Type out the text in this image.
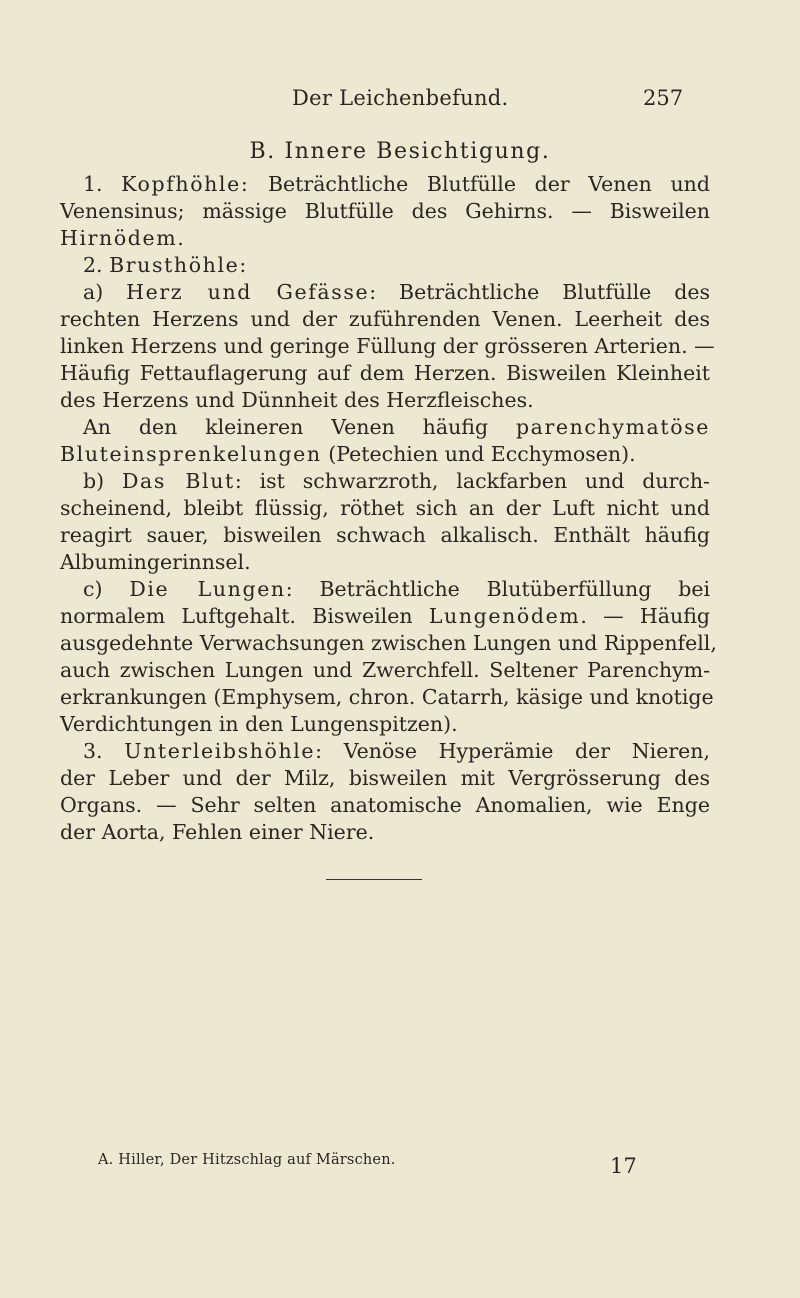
Der Leichenbefund.	257
B. Innere Besichtigung.
1. Kopfhöhle: Beträchtliche Blutfülle der Venen und
Venensinus; mässige Blutfülle des Gehirns. — Bisweilen
Hirnödem.
2. Brusthöhle:
a) Herz und Gefässe: Beträchtliche Blutfülle des
rechten Herzens und der zuführenden Venen. Leerheit des
linken Herzens und geringe Füllung der grösseren Arterien. —
Häufig Fettauflagerung auf dem Herzen. Bisweilen Kleinheit
des Herzens und Dünnheit des Herzfleisches.
An den kleineren Venen häufig parenchymatöse
Bluteinsprenkelungen (Petechien und Ecchymosen).
b) Das Blut: ist schwarzroth, lackfarben und durch-
scheinend, bleibt flüssig, röthet sich an der Luft nicht und
reagirt sauer, bisweilen schwach alkalisch. Enthält häufig
Albumingerinnsel.
c) Die Lungen: Beträchtliche Blutüberfüllung bei
normalem Luftgehalt. Bisweilen Lungenödem. — Häufig
ausgedehnte Verwachsungen zwischen Lungen und Rippenfell,
auch zwischen Lungen und Zwerchfell. Seltener Parenchym-
erkrankungen (Emphysem, chron. Catarrh, käsige und knotige
Verdichtungen in den Lungenspitzen).
3. Unterleibshöhle: Venöse Hyperämie der Nieren,
der Leber und der Milz, bisweilen mit Vergrösserung des
Organs. — Sehr selten anatomische Anomalien, wie Enge
der Aorta, Fehlen einer Niere.
A. Hiller, Der Hitzschlag auf Märschen.	17
